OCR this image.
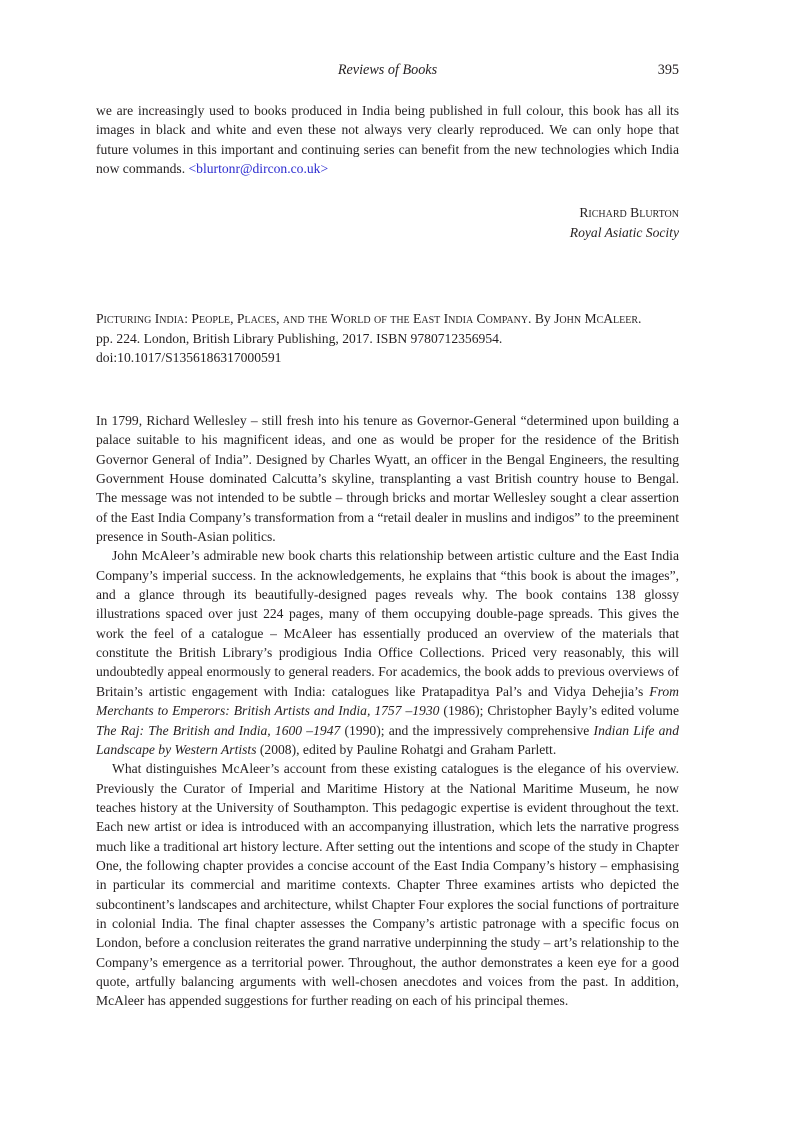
Reviews of Books	395

we are increasingly used to books produced in India being published in full colour, this book has all its images in black and white and even these not always very clearly reproduced. We can only hope that future volumes in this important and continuing series can benefit from the new technologies which India now commands. <blurtonr@dircon.co.uk>

Richard Blurton
Royal Asiatic Socity
Picturing India: People, Places, and the World of the East India Company. By John McAleer.
pp. 224. London, British Library Publishing, 2017. ISBN 9780712356954.
doi:10.1017/S1356186317000591

In 1799, Richard Wellesley – still fresh into his tenure as Governor-General “determined upon building a palace suitable to his magnificent ideas, and one as would be proper for the residence of the British Governor General of India”. Designed by Charles Wyatt, an officer in the Bengal Engineers, the resulting Government House dominated Calcutta’s skyline, transplanting a vast British country house to Bengal. The message was not intended to be subtle – through bricks and mortar Wellesley sought a clear assertion of the East India Company’s transformation from a “retail dealer in muslins and indigos” to the preeminent presence in South-Asian politics.

John McAleer’s admirable new book charts this relationship between artistic culture and the East India Company’s imperial success. In the acknowledgements, he explains that “this book is about the images”, and a glance through its beautifully-designed pages reveals why. The book contains 138 glossy illustrations spaced over just 224 pages, many of them occupying double-page spreads. This gives the work the feel of a catalogue – McAleer has essentially produced an overview of the materials that constitute the British Library’s prodigious India Office Collections. Priced very reasonably, this will undoubtedly appeal enormously to general readers. For academics, the book adds to previous overviews of Britain’s artistic engagement with India: catalogues like Pratapaditya Pal’s and Vidya Dehejia’s From Merchants to Emperors: British Artists and India, 1757 –1930 (1986); Christopher Bayly’s edited volume The Raj: The British and India, 1600 –1947 (1990); and the impressively comprehensive Indian Life and Landscape by Western Artists (2008), edited by Pauline Rohatgi and Graham Parlett.

What distinguishes McAleer’s account from these existing catalogues is the elegance of his overview. Previously the Curator of Imperial and Maritime History at the National Maritime Museum, he now teaches history at the University of Southampton. This pedagogic expertise is evident throughout the text. Each new artist or idea is introduced with an accompanying illustration, which lets the narrative progress much like a traditional art history lecture. After setting out the intentions and scope of the study in Chapter One, the following chapter provides a concise account of the East India Company’s history – emphasising in particular its commercial and maritime contexts. Chapter Three examines artists who depicted the subcontinent’s landscapes and architecture, whilst Chapter Four explores the social functions of portraiture in colonial India. The final chapter assesses the Company’s artistic patronage with a specific focus on London, before a conclusion reiterates the grand narrative underpinning the study – art’s relationship to the Company’s emergence as a territorial power. Throughout, the author demonstrates a keen eye for a good quote, artfully balancing arguments with well-chosen anecdotes and voices from the past. In addition, McAleer has appended suggestions for further reading on each of his principal themes.
